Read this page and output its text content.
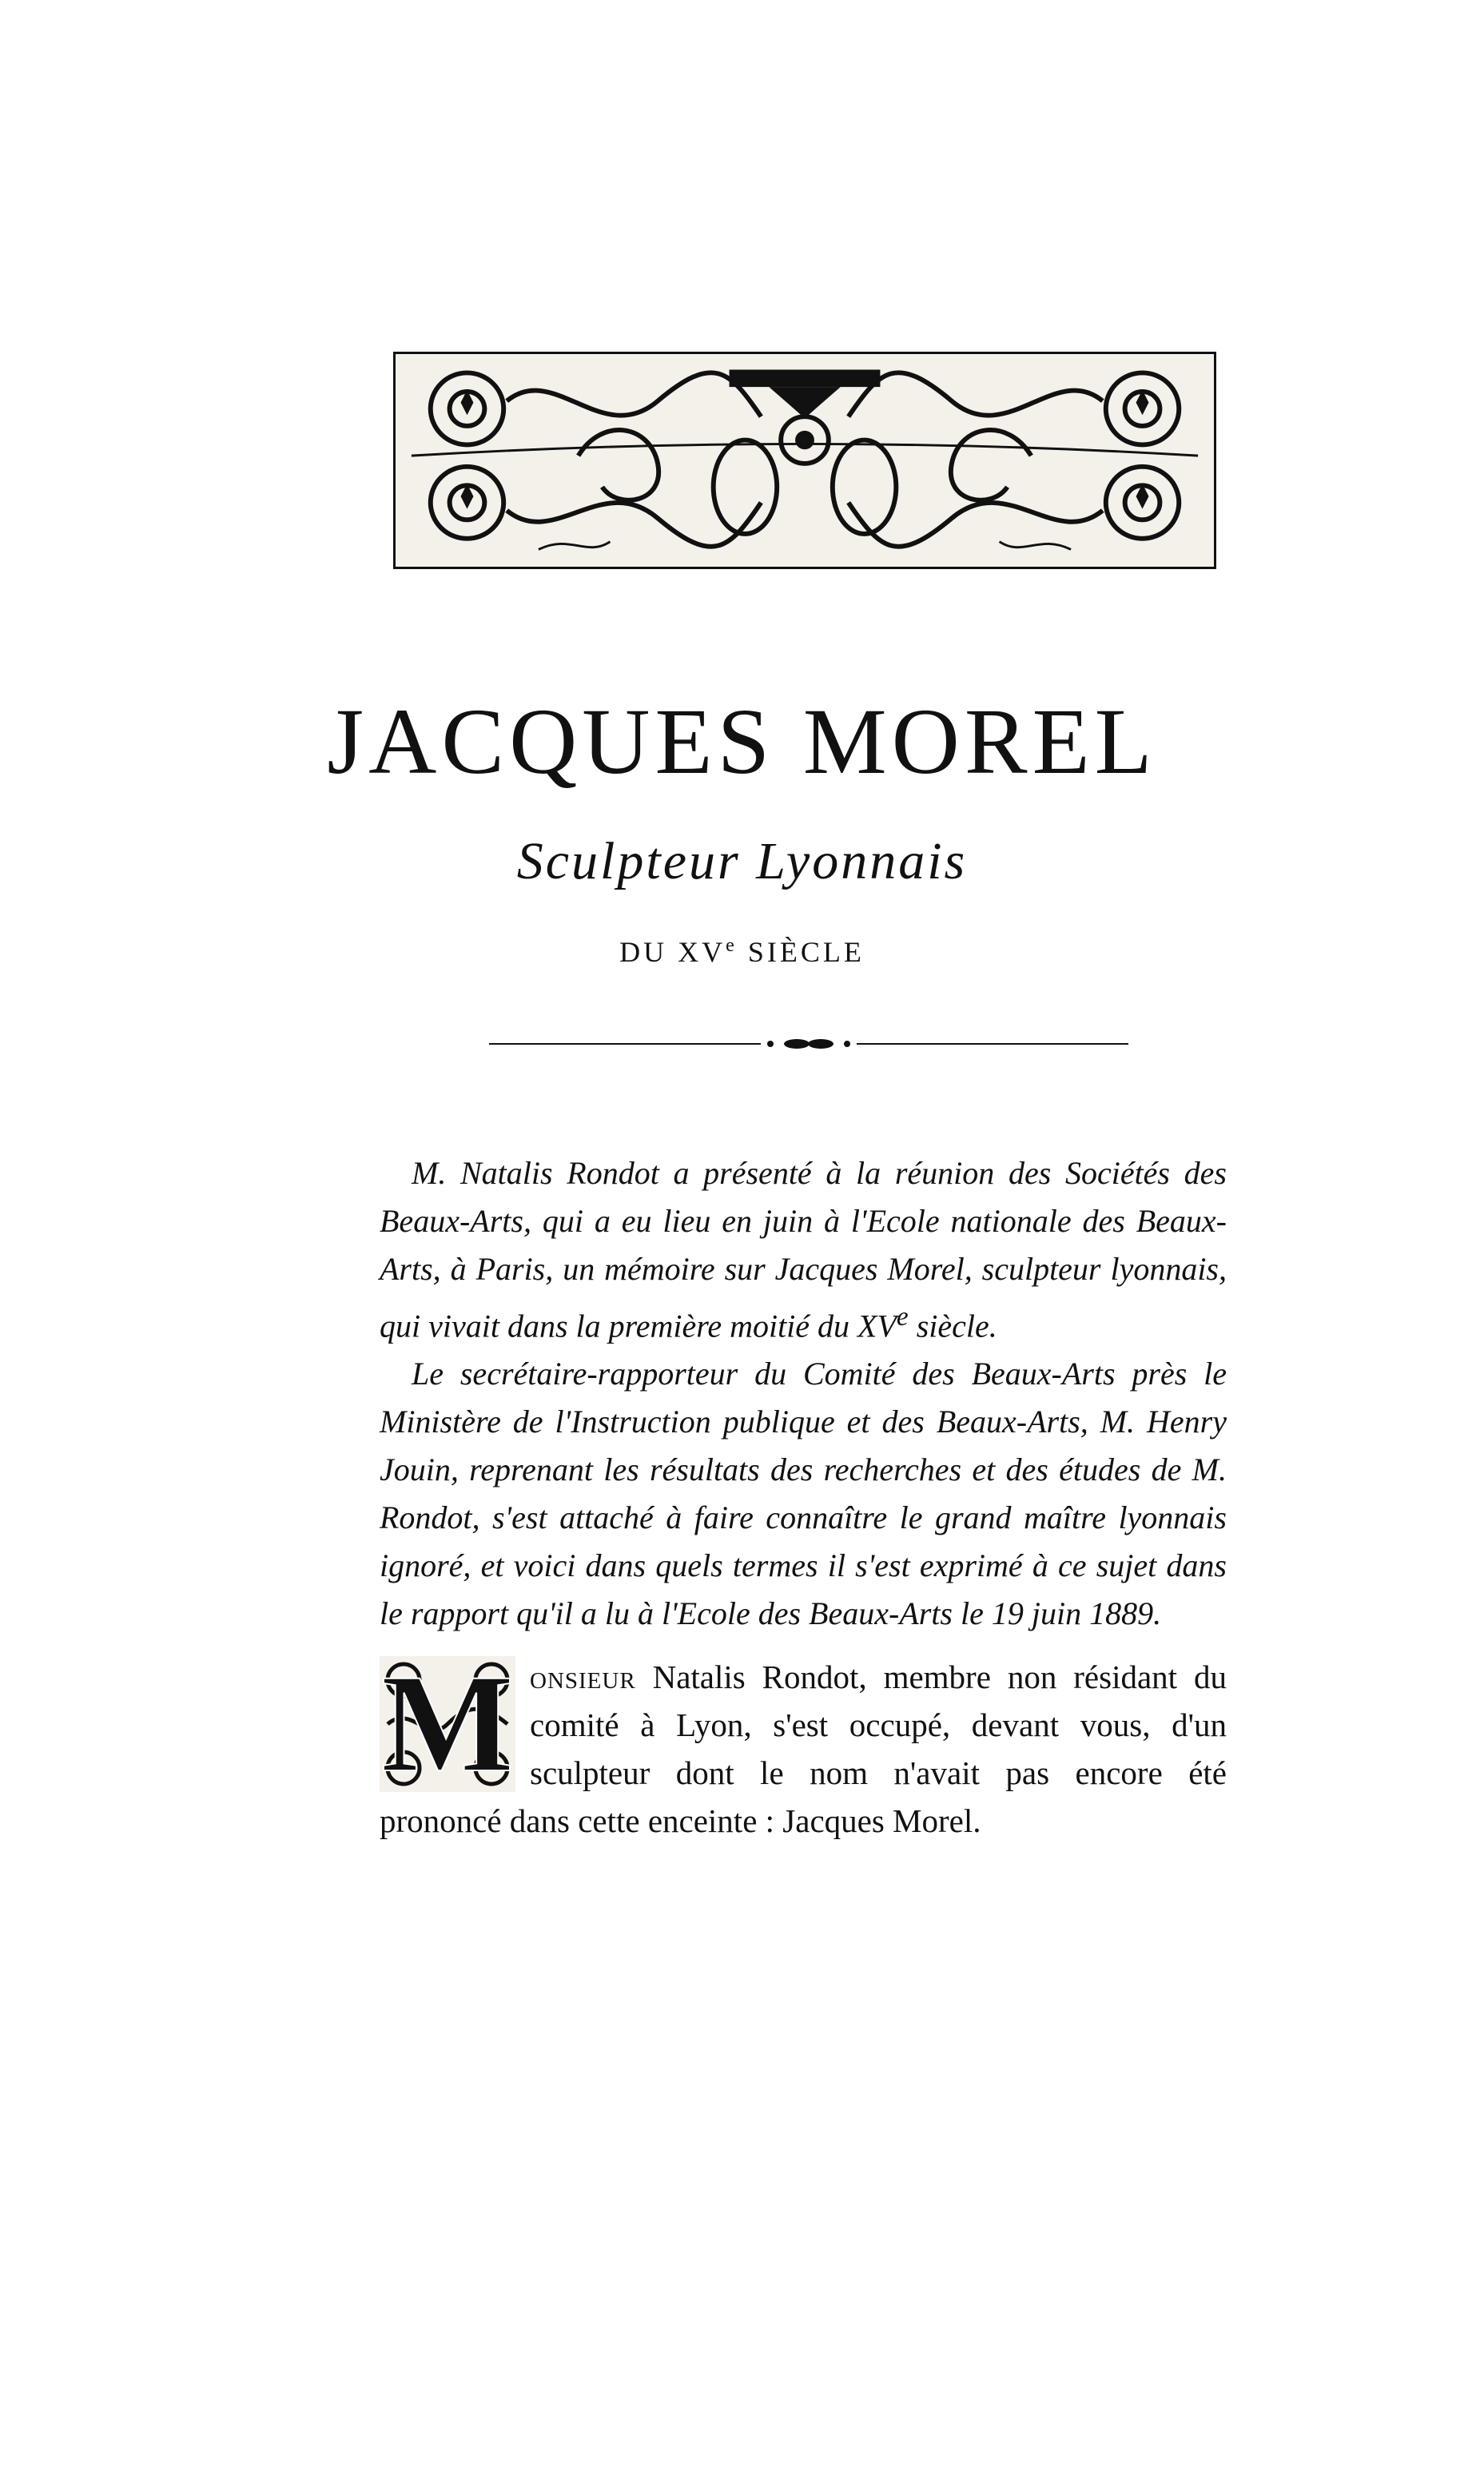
JACQUES MOREL
Sculpteur Lyonnais
DU XVe SIÈCLE

M. Natalis Rondot a présenté à la réunion des Sociétés des Beaux-Arts, qui a eu lieu en juin à l'Ecole nationale des Beaux-Arts, à Paris, un mémoire sur Jacques Morel, sculpteur lyonnais, qui vivait dans la première moitié du XVe siècle.

Le secrétaire-rapporteur du Comité des Beaux-Arts près le Ministère de l'Instruction publique et des Beaux-Arts, M. Henry Jouin, reprenant les résultats des recherches et des études de M. Rondot, s'est attaché à faire connaître le grand maître lyonnais ignoré, et voici dans quels termes il s'est exprimé à ce sujet dans le rapport qu'il a lu à l'Ecole des Beaux-Arts le 19 juin 1889.

M onsieur Natalis Rondot, membre non résidant du comité à Lyon, s'est occupé, devant vous, d'un sculpteur dont le nom n'avait pas encore été prononcé dans cette enceinte : Jacques Morel.
